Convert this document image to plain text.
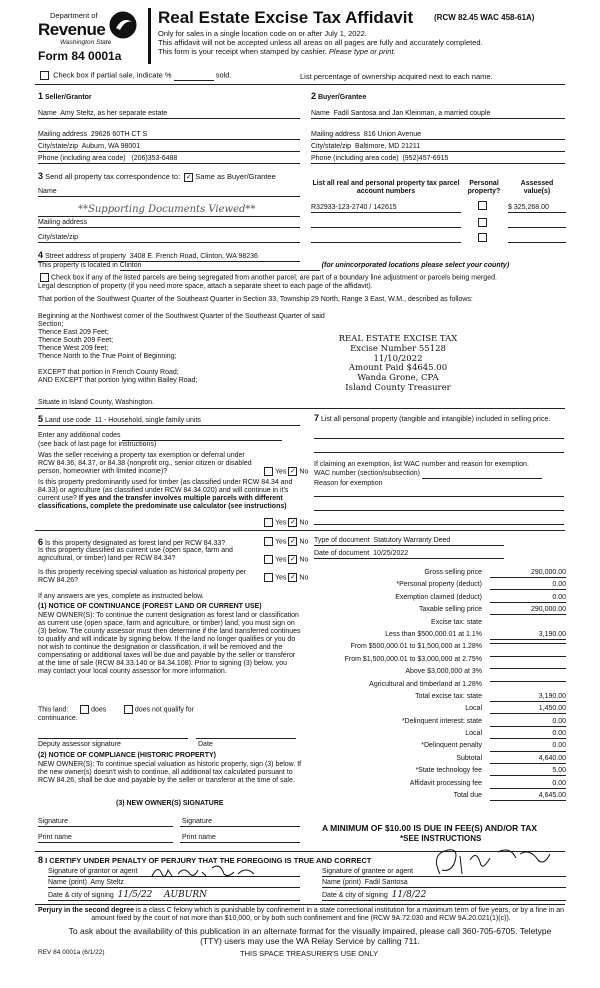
Department of
Revenue
Washington State
Form 84 0001a
Real Estate Excise Tax Affidavit	(RCW 82.45 WAC 458-61A)
Only for sales in a single location code on or after July 1, 2022.
This affidavit will not be accepted unless all areas on all pages are fully and accurately completed.
This form is your receipt when stamped by cashier. Please type or print.
Check box if partial sale, indicate %	sold.	List percentage of ownership acquired next to each name.
1 Seller/Grantor
Name Amy Steltz, as her separate estate
Mailing address 29626 60TH CT S
City/state/zip Auburn, WA 98001
Phone (including area code) (206)353-6488
2 Buyer/Grantee
Name Fadil Santosa and Jan Kleinman, a married couple
Mailing address 816 Union Avenue
City/state/zip Baltimore, MD 21211
Phone (including area code) (952)457-6915
3 Send all property tax correspondence to: ✓ Same as Buyer/Grantee
Name
**Supporting Documents Viewed**
Mailing address
City/state/zip
List all real and personal property tax parcel account numbers
Personal property?
Assessed value(s)
R32933-123-2740 / 142615	$ 325,268.00
4 Street address of property 3408 E. French Road, Clinton, WA 98236
This property is located in Clinton	(for unincorporated locations please select your county)
Check box if any of the listed parcels are being segregated from another parcel, are part of a boundary line adjustment or parcels being merged.
Legal description of property (if you need more space, attach a separate sheet to each page of the affidavit).
That portion of the Southwest Quarter of the Southeast Quarter in Section 33, Township 29 North, Range 3 East, W.M., described as follows:
Beginning at the Northwest corner of the Southwest Quarter of the Southeast Quarter of said Section;
Thence East 209 Feet;
Thence South 209 Feet;
Thence West 209 feet;
Thence North to the True Point of Beginning;

EXCEPT that portion in French County Road;
AND EXCEPT that portion lying within Bailey Road;

Situate in Island County, Washington.
REAL ESTATE EXCISE TAX
Excise Number 55128
11/10/2022
Amount Paid $4645.00
Wanda Grone, CPA
Island County Treasurer
5 Land use code 11 - Household, single family units
Enter any additional codes
(see back of last page for instructions)
Was the seller receiving a property tax exemption or deferral under RCW 84.36, 84.37, or 84.38 (nonprofit org., senior citizen or disabled person, homeowner with limited income)?	Yes ✓ No
Is this property predominantly used for timber (as classified under RCW 84.34 and 84.33) or agriculture (as classified under RCW 84.34.020) and will continue in it's current use? If yes and the transfer involves multiple parcels with different classifications, complete the predominate use calculator (see instructions)
Yes ✓ No
7 List all personal property (tangible and intangible) included in selling price.
If claiming an exemption, list WAC number and reason for exemption.
WAC number (section/subsection)
Reason for exemption
6 Is this property designated as forest land per RCW 84.33?	Yes ✓ No
Is this property classified as current use (open space, farm and agricultural, or timber) land per RCW 84.34?	Yes ✓ No
Is this property receiving special valuation as historical property per RCW 84.26?	Yes ✓ No
If any answers are yes, complete as instructed below.
(1) NOTICE OF CONTINUANCE (FOREST LAND OR CURRENT USE)
NEW OWNER(S): To continue the current designation as forest land or classification as current use (open space, farm and agriculture, or timber) land, you must sign on (3) below. The county assessor must then determine if the land transferred continues to qualify and will indicate by signing below. If the land no longer qualifies or you do not wish to continue the designation or classification, it will be removed and the compensating or additional taxes will be due and payable by the seller or transferor at the time of sale (RCW 84.33.140 or 84.34.108). Prior to signing (3) below, you may contact your local county assessor for more information.
This land:	does	does not qualify for
continuance.
Deputy assessor signature	Date
(2) NOTICE OF COMPLIANCE (HISTORIC PROPERTY)
NEW OWNER(S): To continue special valuation as historic property, sign (3) below. If the new owner(s) doesn't wish to continue, all additional tax calculated pursuant to RCW 84.26, shall be due and payable by the seller or transferor at the time of sale.
(3) NEW OWNER(S) SIGNATURE
Signature	Signature
Print name	Print name
Type of document Statutory Warranty Deed
Date of document 10/25/2022
Gross selling price	290,000.00
*Personal property (deduct)	0.00
Exemption claimed (deduct)	0.00
Taxable selling price	290,000.00
Excise tax: state
Less than $500,000.01 at 1.1%	3,190.00
From $500,000.01 to $1,500,000 at 1.28%
From $1,500,000.01 to $3,000,000 at 2.75%
Above $3,000,000 at 3%
Agricultural and timberland at 1.28%
Total excise tax: state	3,190.00
Local	1,450.00
*Delinquent interest: state	0.00
Local	0.00
*Delinquent penalty	0.00
Subtotal	4,640.00
*State technology fee	5.00
Affidavit processing fee	0.00
Total due	4,645.00
A MINIMUM OF $10.00 IS DUE IN FEE(S) AND/OR TAX
*SEE INSTRUCTIONS
8 I CERTIFY UNDER PENALTY OF PERJURY THAT THE FOREGOING IS TRUE AND CORRECT
Signature of grantor or agent
Name (print) Amy Steltz
Date & city of signing 11/5/22 AUBURN
Signature of grantee or agent
Name (print) Fadil Santosa
Date & city of signing 11/8/22
Perjury in the second degree is a class C felony which is punishable by confinement in a state correctional institution for a maximum term of five years, or by a fine in an amount fixed by the court of not more than $10,000, or by both such confinement and fine (RCW 9A.72.030 and RCW 9A.20.021(1)(c)).
To ask about the availability of this publication in an alternate format for the visually impaired, please call 360-705-6705. Teletype (TTY) users may use the WA Relay Service by calling 711.
REV 84 0001a (6/1/22)	THIS SPACE TREASURER'S USE ONLY
